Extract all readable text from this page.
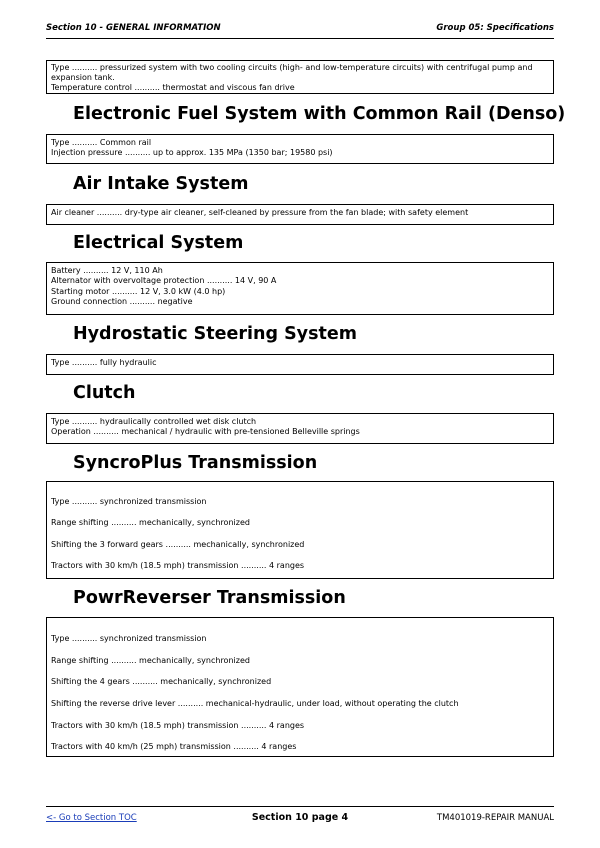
Section 10 - GENERAL INFORMATION	Group 05: Specifications
Type .......... pressurized system with two cooling circuits (high- and low-temperature circuits) with centrifugal pump and expansion tank.
Temperature control .......... thermostat and viscous fan drive
Electronic Fuel System with Common Rail (Denso)
Type .......... Common rail
Injection pressure .......... up to approx. 135 MPa (1350 bar; 19580 psi)
Air Intake System
Air cleaner .......... dry-type air cleaner, self-cleaned by pressure from the fan blade; with safety element
Electrical System
Battery .......... 12 V, 110 Ah
Alternator with overvoltage protection .......... 14 V, 90 A
Starting motor .......... 12 V, 3.0 kW (4.0 hp)
Ground connection .......... negative
Hydrostatic Steering System
Type .......... fully hydraulic
Clutch
Type .......... hydraulically controlled wet disk clutch
Operation .......... mechanical / hydraulic with pre-tensioned Belleville springs
SyncroPlus Transmission
Type .......... synchronized transmission
Range shifting .......... mechanically, synchronized
Shifting the 3 forward gears .......... mechanically, synchronized
Tractors with 30 km/h (18.5 mph) transmission .......... 4 ranges
PowrReverser Transmission
Type .......... synchronized transmission
Range shifting .......... mechanically, synchronized
Shifting the 4 gears .......... mechanically, synchronized
Shifting the reverse drive lever .......... mechanical-hydraulic, under load, without operating the clutch
Tractors with 30 km/h (18.5 mph) transmission .......... 4 ranges
Tractors with 40 km/h (25 mph) transmission .......... 4 ranges
<- Go to Section TOC	Section 10 page 4	TM401019-REPAIR MANUAL
